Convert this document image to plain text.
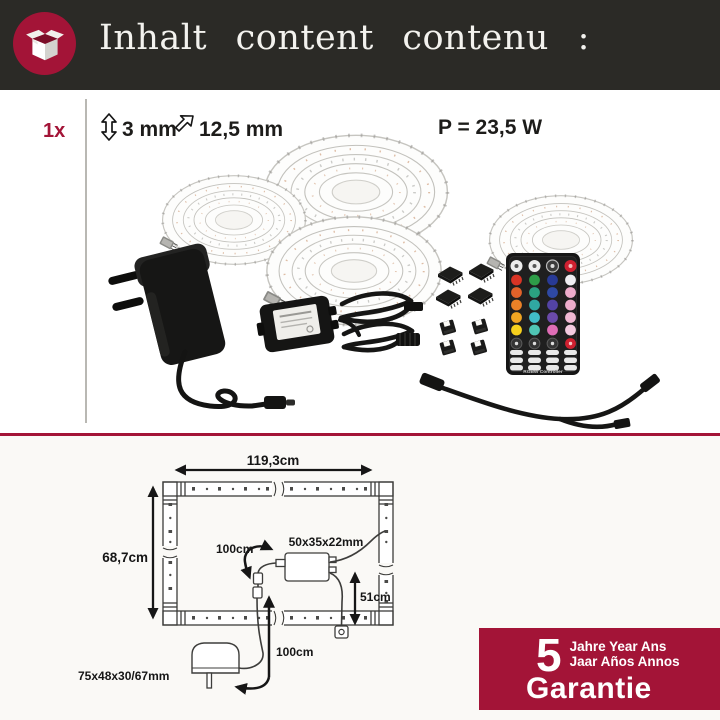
Inhalt content contenu :
1x	3 mm 12,5 mm	P = 23,5 W
RGBW Controller
119,3cm
68,7cm
50x35x22mm
100cm
51cm
75x48x30/67mm
100cm	5 Jahre Year Ans
Jaar Años Annos
Garantie
